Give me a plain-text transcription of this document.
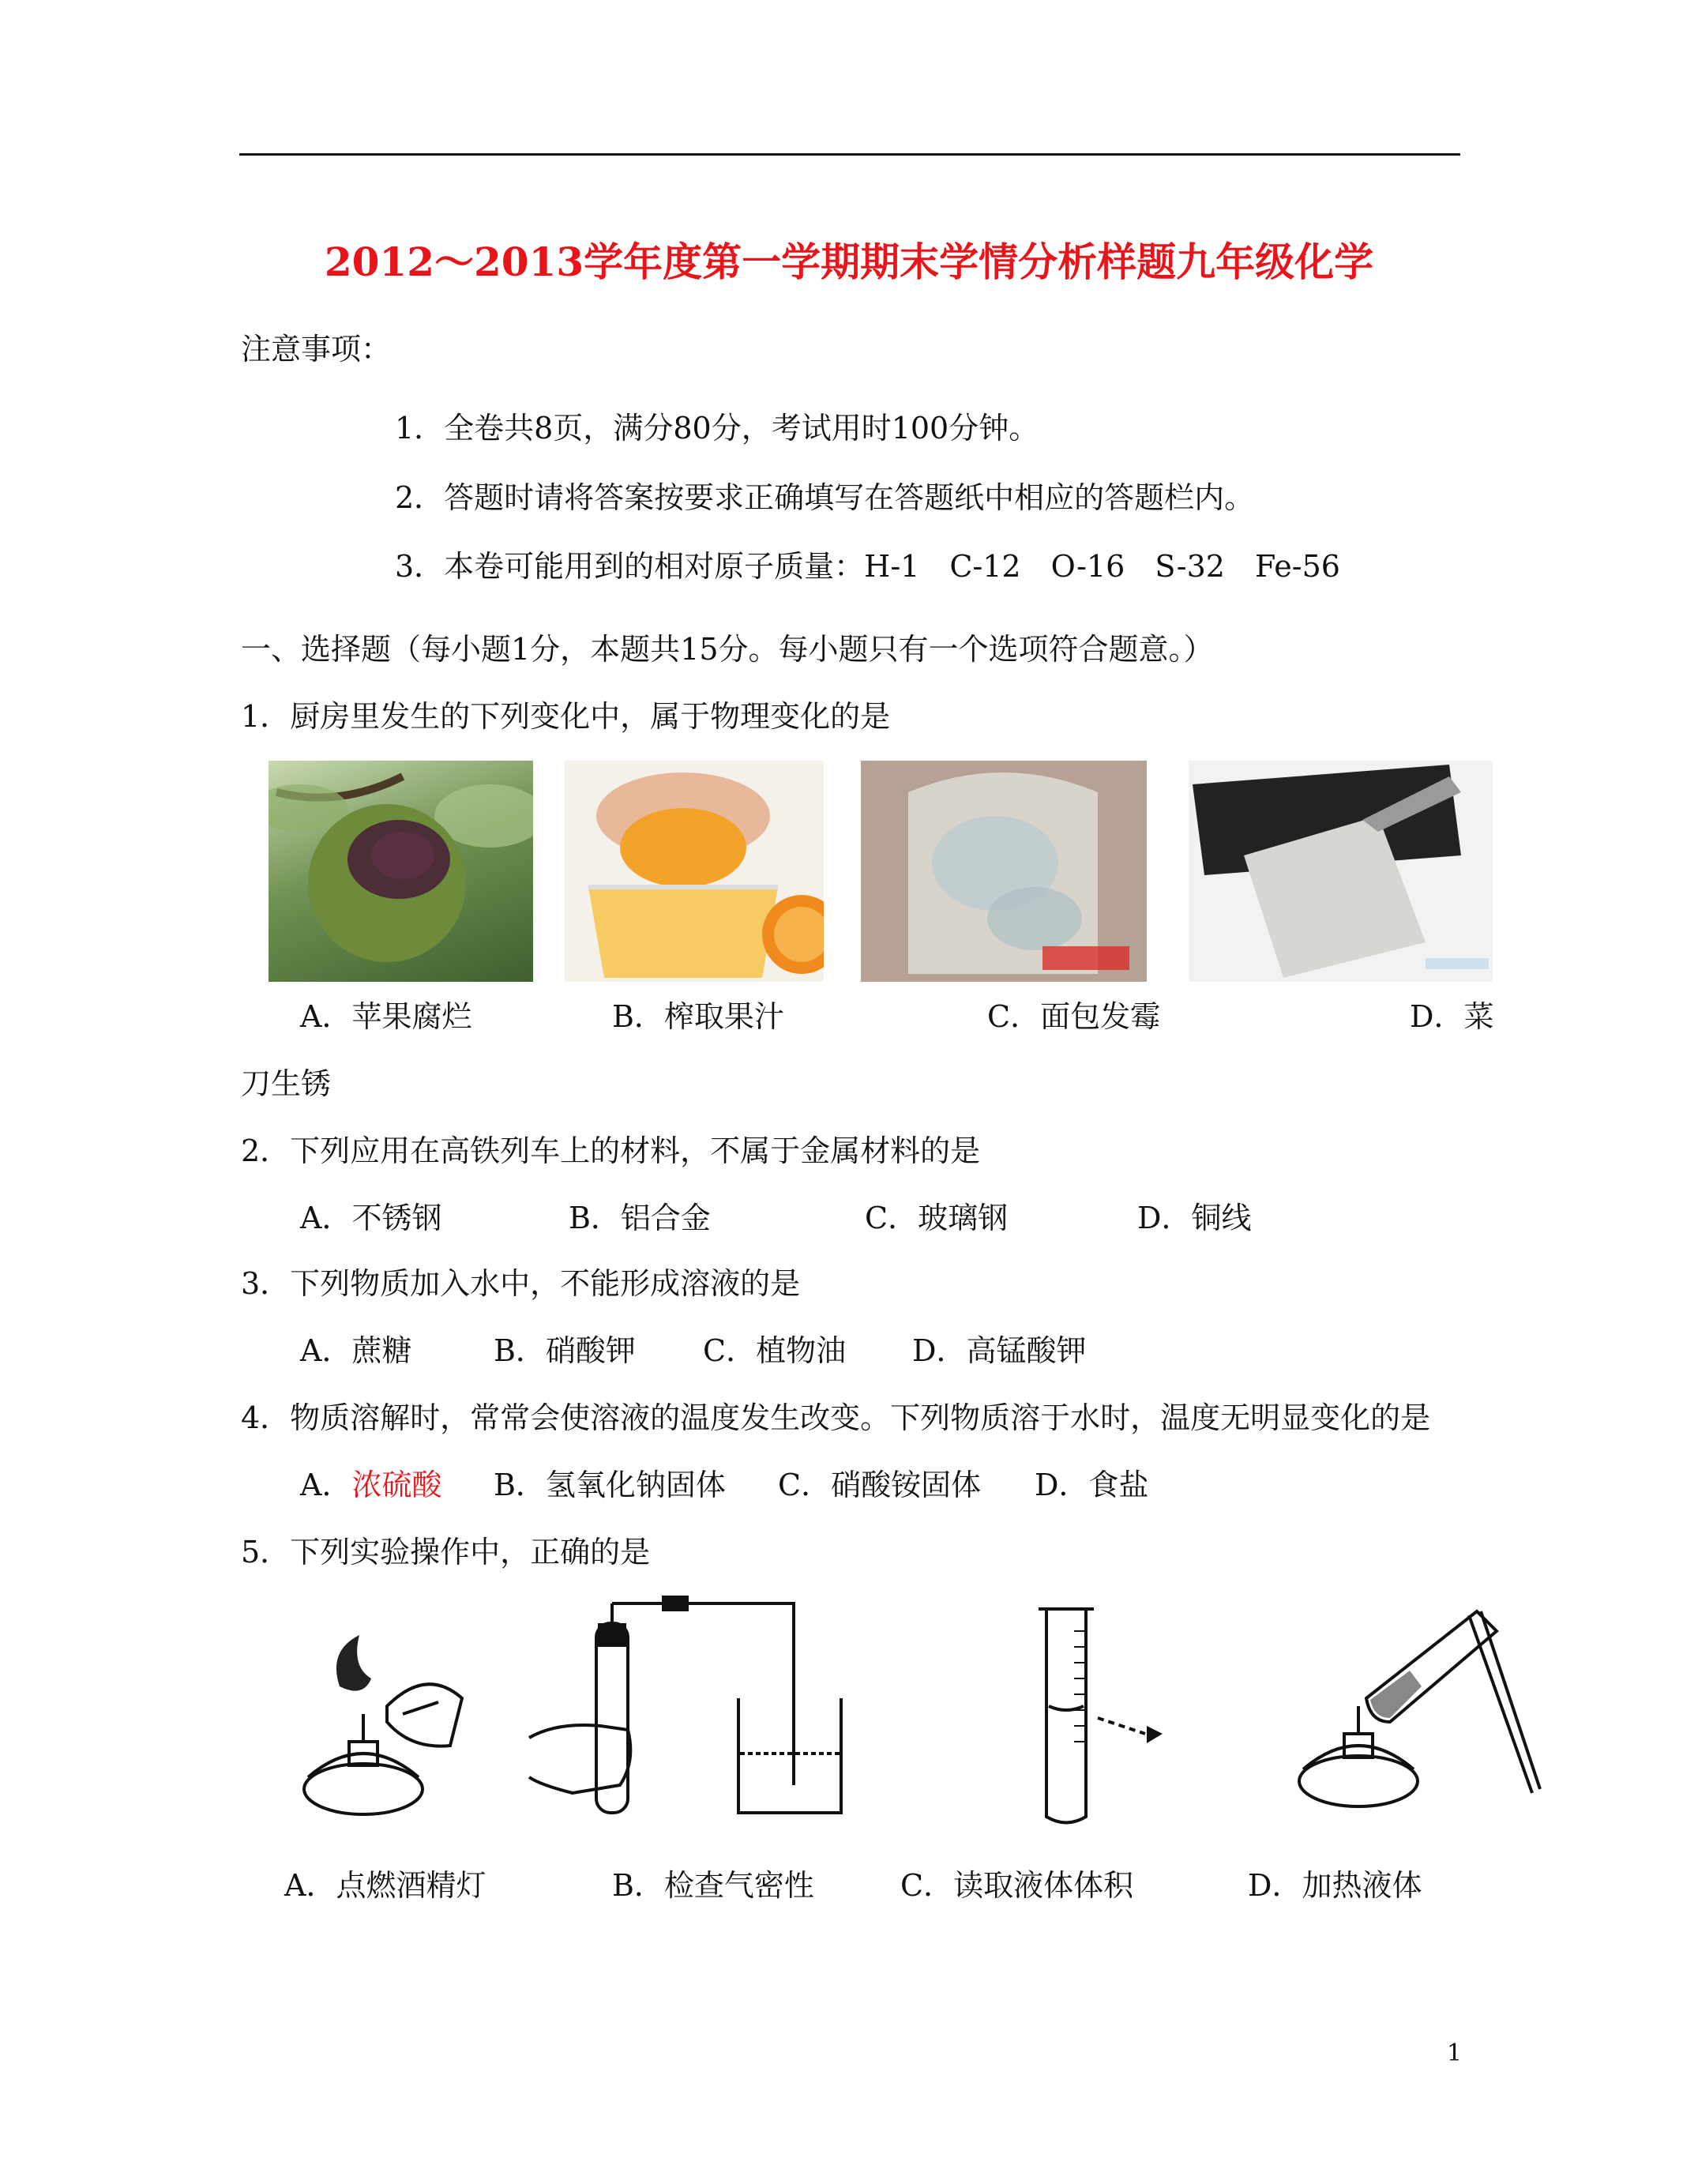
2012～2013学年度第一学期期末学情分析样题九年级化学
注意事项：
1．全卷共8页，满分80分，考试用时100分钟。
2．答题时请将答案按要求正确填写在答题纸中相应的答题栏内。
3．本卷可能用到的相对原子质量：H-1　C-12　O-16　S-32　Fe-56
一、选择题（每小题1分，本题共15分。每小题只有一个选项符合题意。）
1．厨房里发生的下列变化中，属于物理变化的是
A．苹果腐烂	B．榨取果汁	C．面包发霉	D．菜
刀生锈
2．下列应用在高铁列车上的材料，不属于金属材料的是
A．不锈钢	B．铝合金	C．玻璃钢	D．铜线
3．下列物质加入水中，不能形成溶液的是
A．蔗糖	B．硝酸钾 C．植物油 D．高锰酸钾
4．物质溶解时，常常会使溶液的温度发生改变。下列物质溶于水时，温度无明显变化的是
A．浓硫酸 B．氢氧化钠固体 C．硝酸铵固体 D．食盐
5．下列实验操作中，正确的是
A．点燃酒精灯	B．检查气密性	C．读取液体体积	D．加热液体
1
